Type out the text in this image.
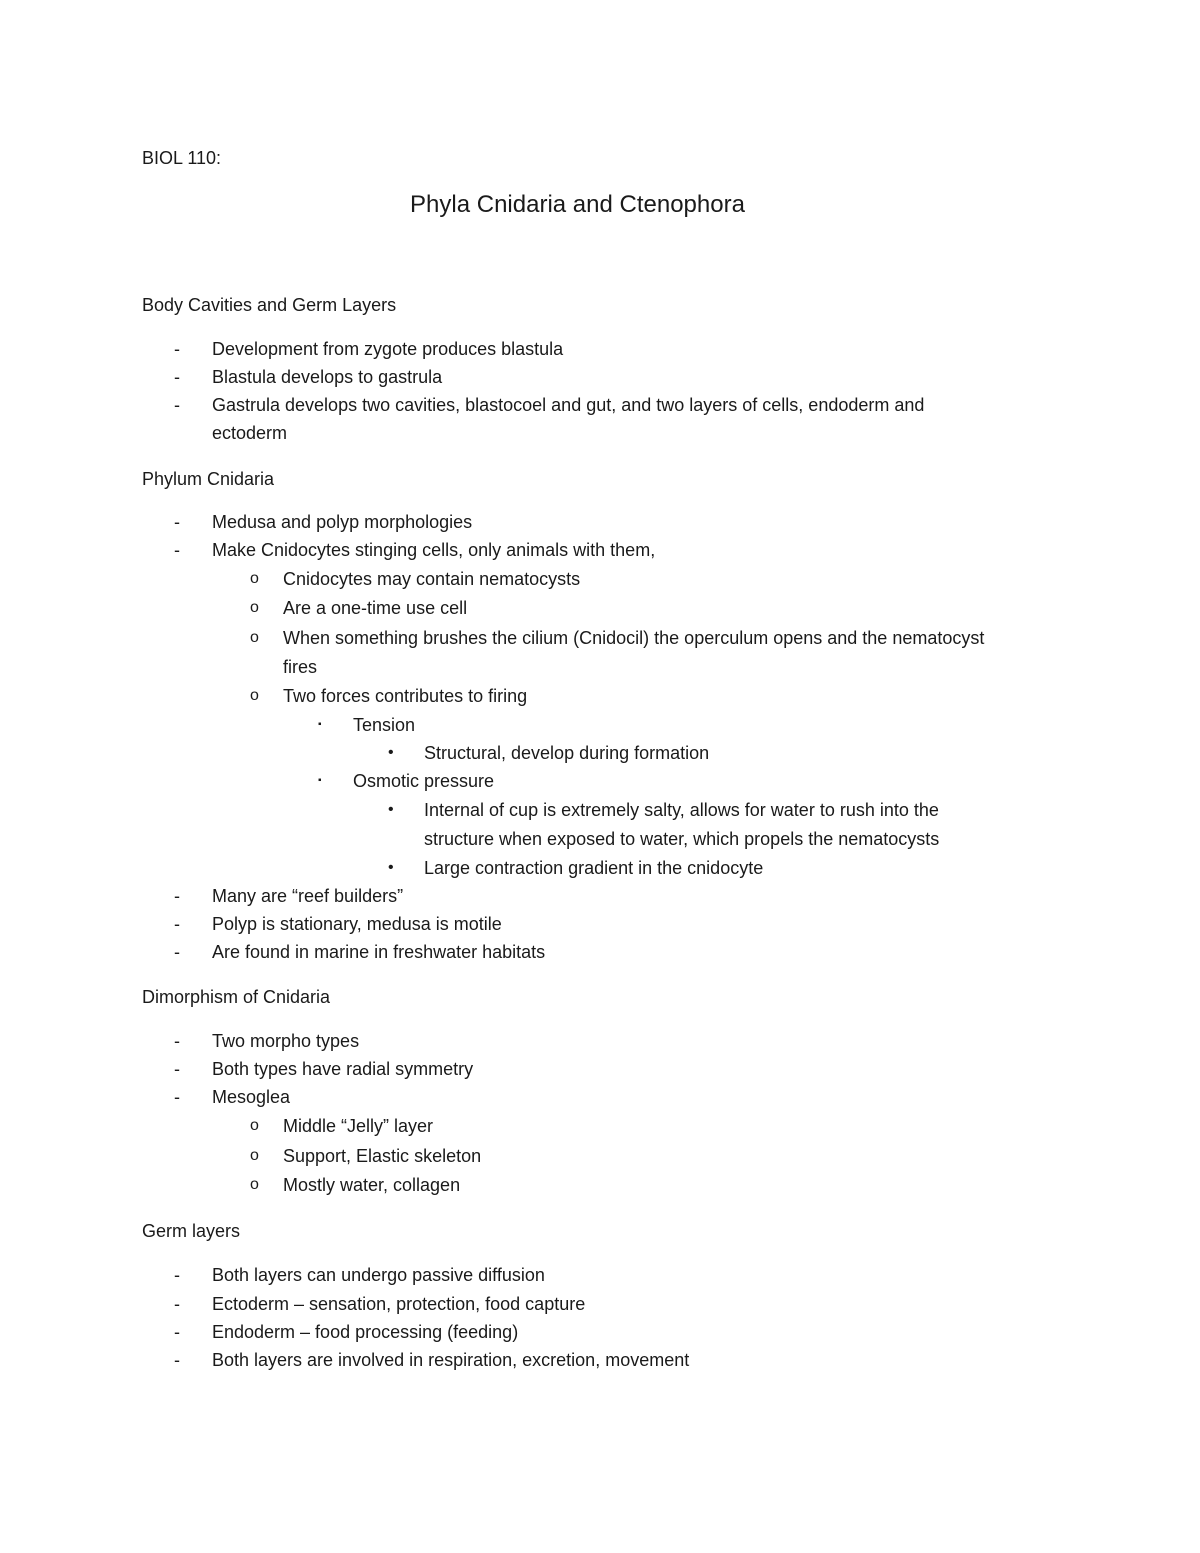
BIOL 110:
Phyla Cnidaria and Ctenophora
Body Cavities and Germ Layers
- Development from zygote produces blastula
- Blastula develops to gastrula
- Gastrula develops two cavities, blastocoel and gut, and two layers of cells, endoderm and
ectoderm
Phylum Cnidaria
- Medusa and polyp morphologies
- Make Cnidocytes stinging cells, only animals with them,
o Cnidocytes may contain nematocysts
o Are a one-time use cell
o When something brushes the cilium (Cnidocil) the operculum opens and the nematocyst
fires
o Two forces contributes to firing
▪ Tension
• Structural, develop during formation
▪ Osmotic pressure
• Internal of cup is extremely salty, allows for water to rush into the
structure when exposed to water, which propels the nematocysts
• Large contraction gradient in the cnidocyte
- Many are “reef builders”
- Polyp is stationary, medusa is motile
- Are found in marine in freshwater habitats
Dimorphism of Cnidaria
- Two morpho types
- Both types have radial symmetry
- Mesoglea
o Middle “Jelly” layer
o Support, Elastic skeleton
o Mostly water, collagen
Germ layers
- Both layers can undergo passive diffusion
- Ectoderm – sensation, protection, food capture
- Endoderm – food processing (feeding)
- Both layers are involved in respiration, excretion, movement
